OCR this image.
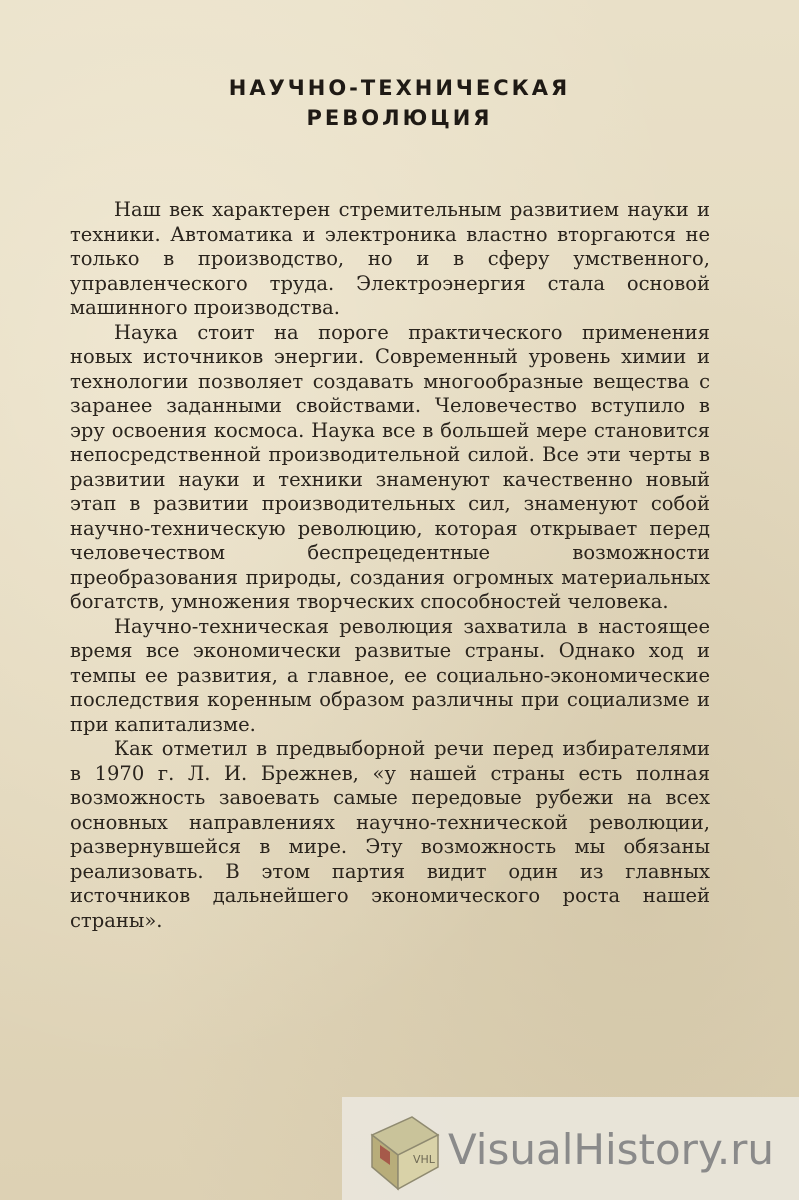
НАУЧНО-ТЕХНИЧЕСКАЯ
РЕВОЛЮЦИЯ

Наш век характерен стремительным развитием науки и техники. Автоматика и электроника властно вторгаются не только в производство, но и в сферу умственного, управленческого труда. Электроэнергия стала основой машинного производства.

Наука стоит на пороге практического применения новых источников энергии. Современный уровень химии и технологии позволяет создавать многообразные вещества с заранее заданными свойствами. Человечество вступило в эру освоения космоса. Наука все в большей мере становится непосредственной производительной силой. Все эти черты в развитии науки и техники знаменуют качественно новый этап в развитии производительных сил, знаменуют собой научно-техническую революцию, которая открывает перед человечеством беспрецедентные возможности преобразования природы, создания огромных материальных богатств, умножения творческих способностей человека.

Научно-техническая революция захватила в настоящее время все экономически развитые страны. Однако ход и темпы ее развития, а главное, ее социально-экономические последствия коренным образом различны при социализме и при капитализме.

Как отметил в предвыборной речи перед избирателями в 1970 г. Л. И. Брежнев, «у нашей страны есть полная возможность завоевать самые передовые рубежи на всех основных направлениях научно-технической революции, развернувшейся в мире. Эту возможность мы обязаны реализовать. В этом партия видит один из главных источников дальнейшего экономического роста нашей страны».

VHL VisualHistory.ru
